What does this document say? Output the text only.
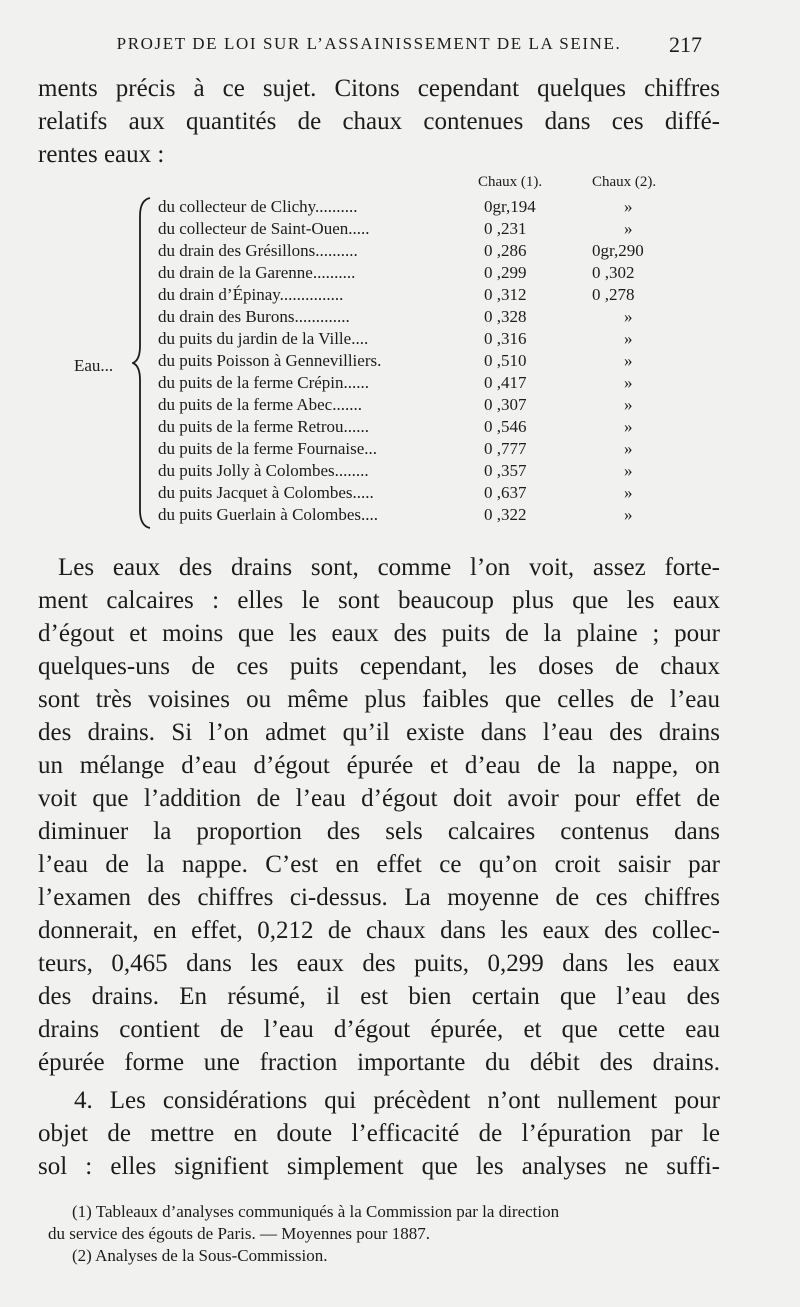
PROJET DE LOI SUR L’ASSAINISSEMENT DE LA SEINE.	217

ments précis à ce sujet. Citons cependant quelques chiffres
relatifs aux quantités de chaux contenues dans ces diffé-
rentes eaux :

Chaux (1).	Chaux (2).
Eau...
du collecteur de Clichy..........	0gr,194	»
du collecteur de Saint-Ouen.....	0 ,231	»
du drain des Grésillons..........	0 ,286	0gr,290
du drain de la Garenne..........	0 ,299	0 ,302
du drain d’Épinay...............	0 ,312	0 ,278
du drain des Burons.............	0 ,328	»
du puits du jardin de la Ville....	0 ,316	»
du puits Poisson à Gennevilliers.	0 ,510	»
du puits de la ferme Crépin......	0 ,417	»
du puits de la ferme Abec.......	0 ,307	»
du puits de la ferme Retrou......	0 ,546	»
du puits de la ferme Fournaise...	0 ,777	»
du puits Jolly à Colombes........	0 ,357	»
du puits Jacquet à Colombes.....	0 ,637	»
du puits Guerlain à Colombes....	0 ,322	»

Les eaux des drains sont, comme l’on voit, assez forte-
ment calcaires : elles le sont beaucoup plus que les eaux
d’égout et moins que les eaux des puits de la plaine ; pour
quelques-uns de ces puits cependant, les doses de chaux
sont très voisines ou même plus faibles que celles de l’eau
des drains. Si l’on admet qu’il existe dans l’eau des drains
un mélange d’eau d’égout épurée et d’eau de la nappe, on
voit que l’addition de l’eau d’égout doit avoir pour effet de
diminuer la proportion des sels calcaires contenus dans
l’eau de la nappe. C’est en effet ce qu’on croit saisir par
l’examen des chiffres ci-dessus. La moyenne de ces chiffres
donnerait, en effet, 0,212 de chaux dans les eaux des collec-
teurs, 0,465 dans les eaux des puits, 0,299 dans les eaux
des drains. En résumé, il est bien certain que l’eau des
drains contient de l’eau d’égout épurée, et que cette eau
épurée forme une fraction importante du débit des drains.

4. Les considérations qui précèdent n’ont nullement pour
objet de mettre en doute l’efficacité de l’épuration par le
sol : elles signifient simplement que les analyses ne suffi-

(1) Tableaux d’analyses communiqués à la Commission par la direction
du service des égouts de Paris. — Moyennes pour 1887.
(2) Analyses de la Sous-Commission.
